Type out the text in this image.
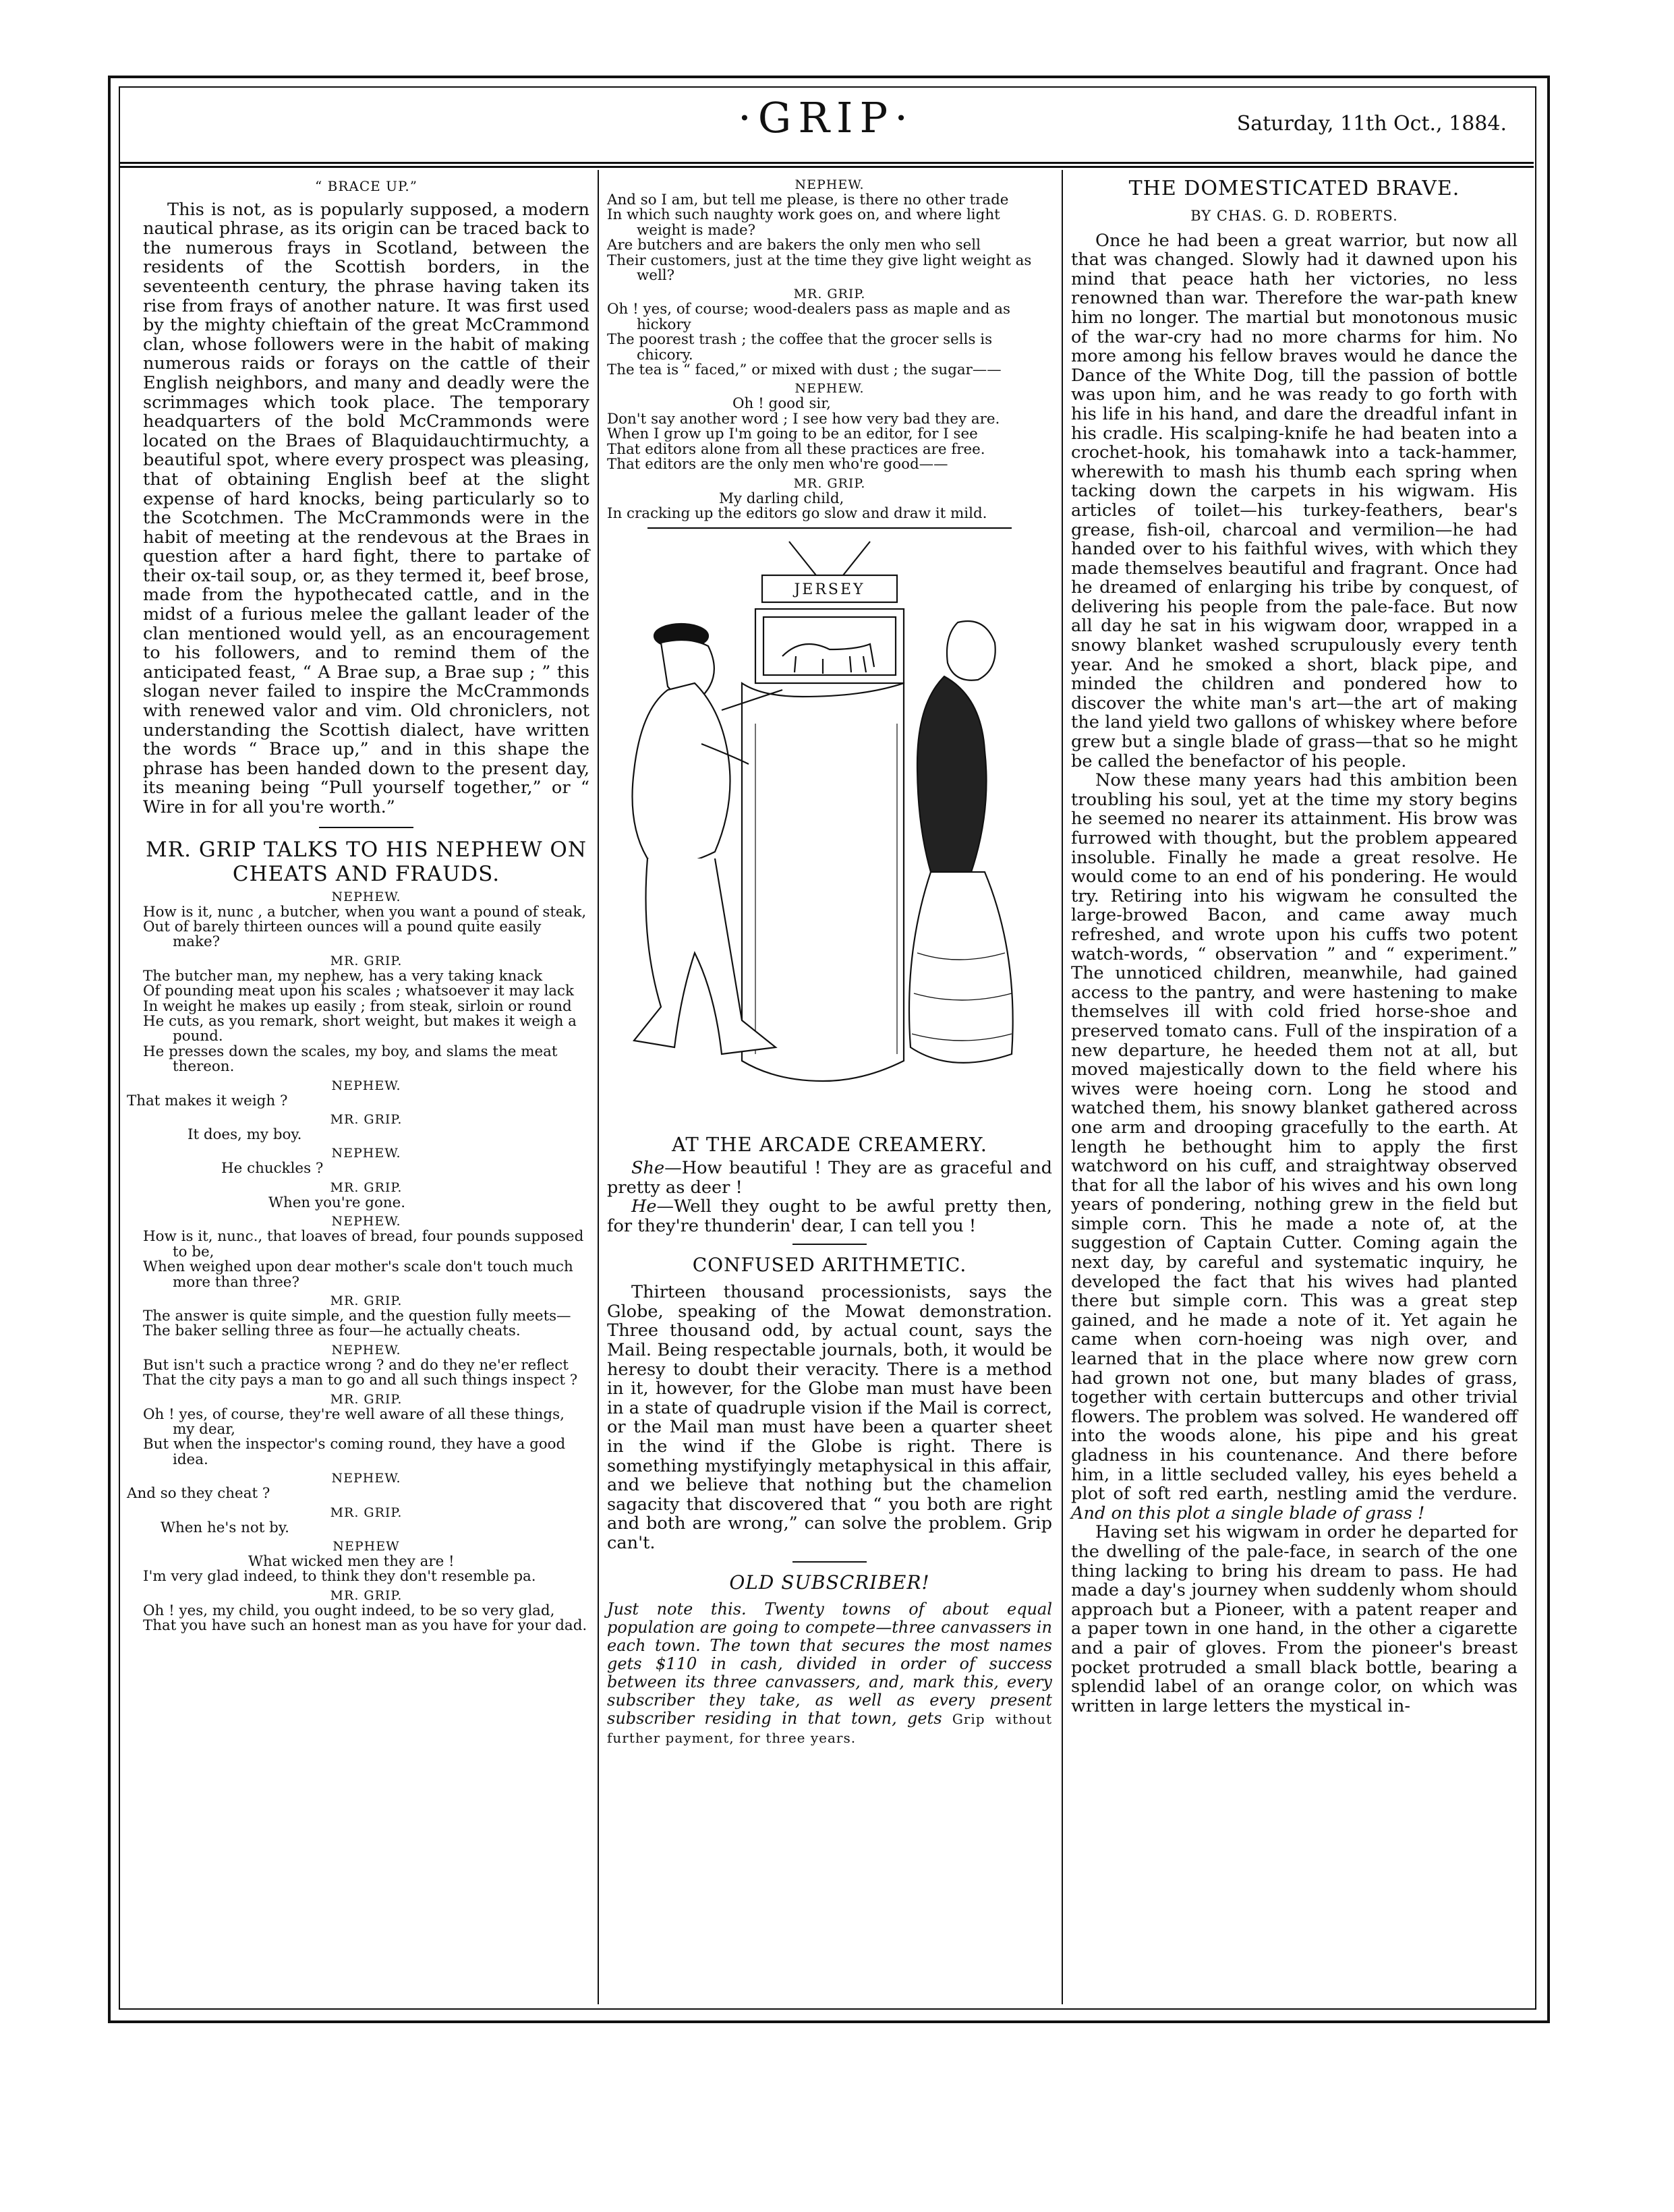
·GRIP·	Saturday, 11th Oct., 1884.
“ BRACE UP.”

This is not, as is popularly supposed, a modern nautical phrase, as its origin can be traced back to the numerous frays in Scotland, between the residents of the Scottish borders, in the seventeenth century, the phrase having taken its rise from frays of another nature. It was first used by the mighty chieftain of the great McCrammond clan, whose followers were in the habit of making numerous raids or forays on the cattle of their English neighbors, and many and deadly were the scrimmages which took place. The temporary headquarters of the bold McCrammonds were located on the Braes of Blaquidauchtirmuchty, a beautiful spot, where every prospect was pleasing, that of obtaining English beef at the slight expense of hard knocks, being particularly so to the Scotchmen. The McCrammonds were in the habit of meeting at the rendevous at the Braes in question after a hard fight, there to partake of their ox-tail soup, or, as they termed it, beef brose, made from the hypothecated cattle, and in the midst of a furious melee the gallant leader of the clan mentioned would yell, as an encouragement to his followers, and to remind them of the anticipated feast, “ A Brae sup, a Brae sup ; ” this slogan never failed to inspire the McCrammonds with renewed valor and vim. Old chroniclers, not understanding the Scottish dialect, have written the words “ Brace up,” and in this shape the phrase has been handed down to the present day, its meaning being “Pull yourself together,” or “ Wire in for all you're worth.”

MR. GRIP TALKS TO HIS NEPHEW ON CHEATS AND FRAUDS.
NEPHEW.
How is it, nunc , a butcher, when you want a pound of steak,
Out of barely thirteen ounces will a pound quite easily make?
MR. GRIP.
The butcher man, my nephew, has a very taking knack
Of pounding meat upon his scales ; whatsoever it may lack
In weight he makes up easily ; from steak, sirloin or round
He cuts, as you remark, short weight, but makes it weigh a pound.
He presses down the scales, my boy, and slams the meat thereon.
NEPHEW.
That makes it weigh ?
MR. GRIP.
It does, my boy.
NEPHEW.
He chuckles ?
MR. GRIP.
When you're gone.
NEPHEW.
How is it, nunc., that loaves of bread, four pounds supposed to be,
When weighed upon dear mother's scale don't touch much more than three?
MR. GRIP.
The answer is quite simple, and the question fully meets—
The baker selling three as four—he actually cheats.
NEPHEW.
But isn't such a practice wrong ? and do they ne'er reflect
That the city pays a man to go and all such things inspect ?
MR. GRIP.
Oh ! yes, of course, they're well aware of all these things, my dear,
But when the inspector's coming round, they have a good idea.
NEPHEW.
And so they cheat ?
MR. GRIP.
When he's not by.
NEPHEW
What wicked men they are !
I'm very glad indeed, to think they don't resemble pa.
MR. GRIP.
Oh ! yes, my child, you ought indeed, to be so very glad,
That you have such an honest man as you have for your dad.
NEPHEW.
And so I am, but tell me please, is there no other trade
In which such naughty work goes on, and where light weight is made?
Are butchers and are bakers the only men who sell
Their customers, just at the time they give light weight as well?
MR. GRIP.
Oh ! yes, of course; wood-dealers pass as maple and as hickory
The poorest trash ; the coffee that the grocer sells is chicory.
The tea is “ faced,” or mixed with dust ; the sugar——
NEPHEW.
Oh ! good sir,
Don't say another word ; I see how very bad they are.
When I grow up I'm going to be an editor, for I see
That editors alone from all these practices are free.
That editors are the only men who're good——
MR. GRIP.
My darling child,
In cracking up the editors go slow and draw it mild.
JERSEY
AT THE ARCADE CREAMERY.

She—How beautiful ! They are as graceful and pretty as deer !

He—Well they ought to be awful pretty then, for they're thunderin' dear, I can tell you !

CONFUSED ARITHMETIC.

Thirteen thousand processionists, says the Globe, speaking of the Mowat demonstration. Three thousand odd, by actual count, says the Mail. Being respectable journals, both, it would be heresy to doubt their veracity. There is a method in it, however, for the Globe man must have been in a state of quadruple vision if the Mail is correct, or the Mail man must have been a quarter sheet in the wind if the Globe is right. There is something mystifyingly metaphysical in this affair, and we believe that nothing but the chamelion sagacity that discovered that “ you both are right and both are wrong,” can solve the problem. Grip can't.

OLD SUBSCRIBER!

Just note this. Twenty towns of about equal population are going to compete—three canvassers in each town. The town that secures the most names gets $110 in cash, divided in order of success between its three canvassers, and, mark this, every subscriber they take, as well as every present subscriber residing in that town, gets Grip without further payment, for three years.

THE DOMESTICATED BRAVE.
BY CHAS. G. D. ROBERTS.

Once he had been a great warrior, but now all that was changed. Slowly had it dawned upon his mind that peace hath her victories, no less renowned than war. Therefore the war-path knew him no longer. The martial but monotonous music of the war-cry had no more charms for him. No more among his fellow braves would he dance the Dance of the White Dog, till the passion of bottle was upon him, and he was ready to go forth with his life in his hand, and dare the dreadful infant in his cradle. His scalping-knife he had beaten into a crochet-hook, his tomahawk into a tack-hammer, wherewith to mash his thumb each spring when tacking down the carpets in his wigwam. His articles of toilet—his turkey-feathers, bear's grease, fish-oil, charcoal and vermilion—he had handed over to his faithful wives, with which they made themselves beautiful and fragrant. Once had he dreamed of enlarging his tribe by conquest, of delivering his people from the pale-face. But now all day he sat in his wigwam door, wrapped in a snowy blanket washed scrupulously every tenth year. And he smoked a short, black pipe, and minded the children and pondered how to discover the white man's art—the art of making the land yield two gallons of whiskey where before grew but a single blade of grass—that so he might be called the benefactor of his people.

Now these many years had this ambition been troubling his soul, yet at the time my story begins he seemed no nearer its attainment. His brow was furrowed with thought, but the problem appeared insoluble. Finally he made a great resolve. He would come to an end of his pondering. He would try. Retiring into his wigwam he consulted the large-browed Bacon, and came away much refreshed, and wrote upon his cuffs two potent watch-words, “ observation ” and “ experiment.” The unnoticed children, meanwhile, had gained access to the pantry, and were hastening to make themselves ill with cold fried horse-shoe and preserved tomato cans. Full of the inspiration of a new departure, he heeded them not at all, but moved majestically down to the field where his wives were hoeing corn. Long he stood and watched them, his snowy blanket gathered across one arm and drooping gracefully to the earth. At length he bethought him to apply the first watchword on his cuff, and straightway observed that for all the labor of his wives and his own long years of pondering, nothing grew in the field but simple corn. This he made a note of, at the suggestion of Captain Cutter. Coming again the next day, by careful and systematic inquiry, he developed the fact that his wives had planted there but simple corn. This was a great step gained, and he made a note of it. Yet again he came when corn-hoeing was nigh over, and learned that in the place where now grew corn had grown not one, but many blades of grass, together with certain buttercups and other trivial flowers. The problem was solved. He wandered off into the woods alone, his pipe and his great gladness in his countenance. And there before him, in a little secluded valley, his eyes beheld a plot of soft red earth, nestling amid the verdure. And on this plot a single blade of grass !

Having set his wigwam in order he departed for the dwelling of the pale-face, in search of the one thing lacking to bring his dream to pass. He had made a day's journey when suddenly whom should approach but a Pioneer, with a patent reaper and a paper town in one hand, in the other a cigarette and a pair of gloves. From the pioneer's breast pocket protruded a small black bottle, bearing a splendid label of an orange color, on which was written in large letters the mystical in-
